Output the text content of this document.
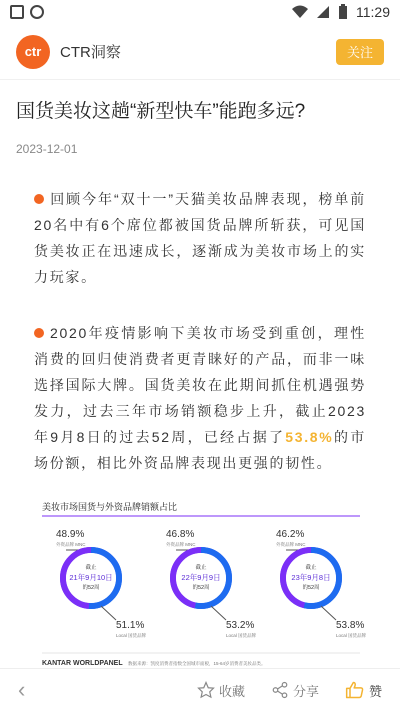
11:29
ctr	CTR洞察	关注
国货美妆这趟“新型快车”能跑多远?
2023-12-01

回顾今年“双十一”天猫美妆品牌表现，榜单前20名中有6个席位都被国货品牌所斩获，可见国货美妆正在迅速成长，逐渐成为美妆市场上的实力玩家。

2020年疫情影响下美妆市场受到重创，理性消费的回归使消费者更青睐好的产品，而非一味选择国际大牌。国货美妆在此期间抓住机遇强势发力，过去三年市场销额稳步上升，截止2023年9月8日的过去52周，已经占据了53.8%的市场份额，相比外资品牌表现出更强的韧性。

美妆市场国货与外资品牌销额占比
48.9%
外资品牌 MNC
截止
21年9月10日
的52周
51.1%
Local 国货品牌
46.8%
外资品牌 MNC
截止
22年9月9日
的52周
53.2%
Local 国货品牌
46.2%
外资品牌 MNC
截止
23年9月8日
的52周
53.8%
Local 国货品牌
KANTAR WORLDPANEL 数据来源：凯度消费者指数全国城市面板，15-64岁消费者美妆品类。
‹	收藏	分享	赞
